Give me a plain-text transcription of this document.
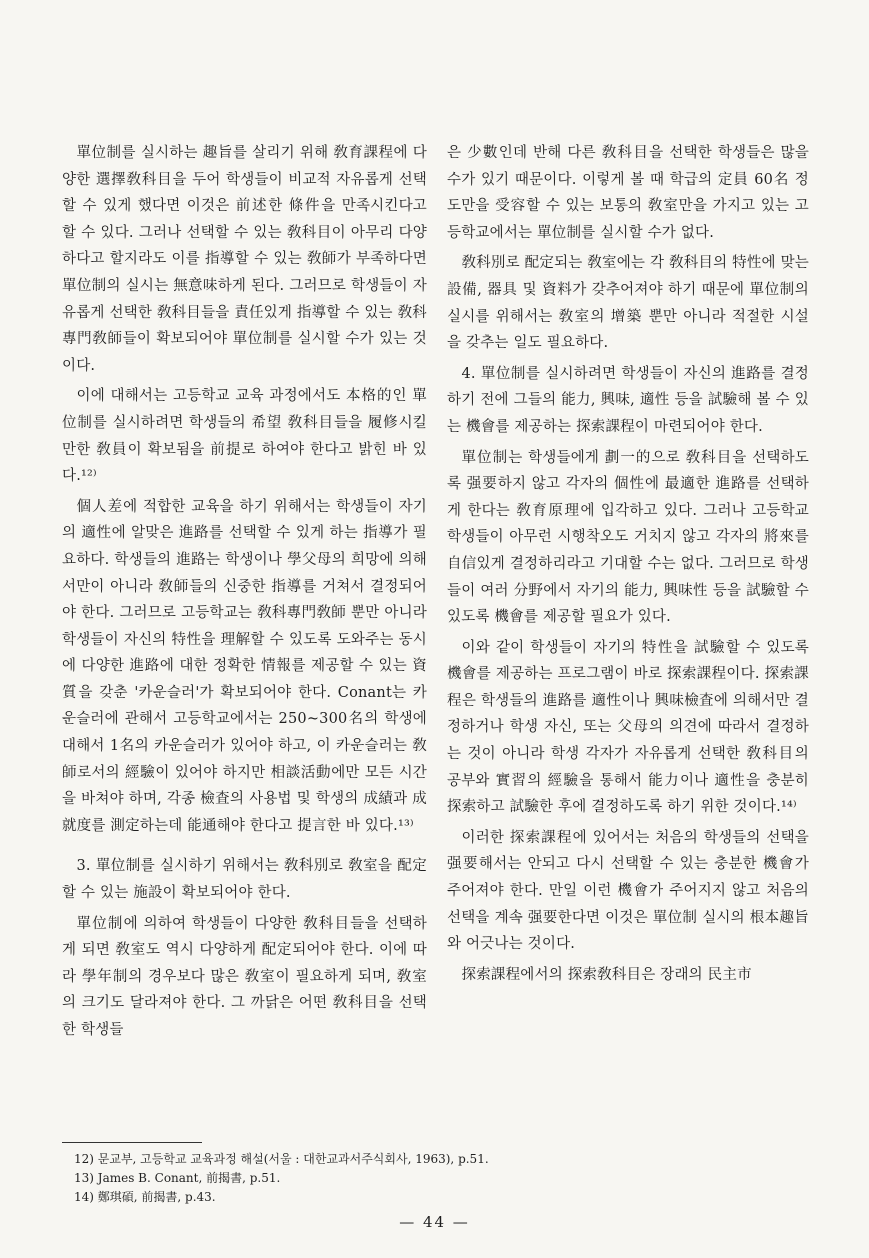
單位制를 실시하는 趣旨를 살리기 위해 敎育課程에 다양한 選擇敎科目을 두어 학생들이 비교적 자유롭게 선택할 수 있게 했다면 이것은 前述한 條件을 만족시킨다고 할 수 있다. 그러나 선택할 수 있는 敎科目이 아무리 다양하다고 할지라도 이를 指導할 수 있는 敎師가 부족하다면 單位制의 실시는 無意味하게 된다. 그러므로 학생들이 자유롭게 선택한 敎科目들을 責任있게 指導할 수 있는 敎科專門敎師들이 확보되어야 單位制를 실시할 수가 있는 것이다.

이에 대해서는 고등학교 교육 과정에서도 本格的인 單位制를 실시하려면 학생들의 希望 敎科目들을 履修시킬만한 敎員이 확보됨을 前提로 하여야 한다고 밝힌 바 있다.¹²⁾

個人差에 적합한 교육을 하기 위해서는 학생들이 자기의 適性에 알맞은 進路를 선택할 수 있게 하는 指導가 필요하다. 학생들의 進路는 학생이나 學父母의 희망에 의해서만이 아니라 敎師들의 신중한 指導를 거쳐서 결정되어야 한다. 그러므로 고등학교는 敎科專門敎師 뿐만 아니라 학생들이 자신의 特性을 理解할 수 있도록 도와주는 동시에 다양한 進路에 대한 정확한 情報를 제공할 수 있는 資質을 갖춘 '카운슬러'가 확보되어야 한다. Conant는 카운슬러에 관해서 고등학교에서는 250~300名의 학생에 대해서 1名의 카운슬러가 있어야 하고, 이 카운슬러는 敎師로서의 經驗이 있어야 하지만 相談活動에만 모든 시간을 바쳐야 하며, 각종 檢査의 사용법 및 학생의 成績과 成就度를 測定하는데 能通해야 한다고 提言한 바 있다.¹³⁾

3. 單位制를 실시하기 위해서는 敎科別로 敎室을 配定할 수 있는 施設이 확보되어야 한다.

單位制에 의하여 학생들이 다양한 敎科目들을 선택하게 되면 敎室도 역시 다양하게 配定되어야 한다. 이에 따라 學年制의 경우보다 많은 敎室이 필요하게 되며, 敎室의 크기도 달라져야 한다. 그 까닭은 어떤 敎科目을 선택한 학생들

은 少數인데 반해 다른 敎科目을 선택한 학생들은 많을 수가 있기 때문이다. 이렇게 볼 때 학급의 定員 60名 정도만을 受容할 수 있는 보통의 敎室만을 가지고 있는 고등학교에서는 單位制를 실시할 수가 없다.

敎科別로 配定되는 敎室에는 각 敎科目의 特性에 맞는 設備, 器具 및 資料가 갖추어져야 하기 때문에 單位制의 실시를 위해서는 敎室의 增築 뿐만 아니라 적절한 시설을 갖추는 일도 필요하다.

4. 單位制를 실시하려면 학생들이 자신의 進路를 결정하기 전에 그들의 能力, 興味, 適性 등을 試驗해 볼 수 있는 機會를 제공하는 探索課程이 마련되어야 한다.

單位制는 학생들에게 劃一的으로 敎科目을 선택하도록 强要하지 않고 각자의 個性에 最適한 進路를 선택하게 한다는 敎育原理에 입각하고 있다. 그러나 고등학교 학생들이 아무런 시행착오도 거치지 않고 각자의 將來를 自信있게 결정하리라고 기대할 수는 없다. 그러므로 학생들이 여러 分野에서 자기의 能力, 興味性 등을 試驗할 수 있도록 機會를 제공할 필요가 있다.

이와 같이 학생들이 자기의 特性을 試驗할 수 있도록 機會를 제공하는 프로그램이 바로 探索課程이다. 探索課程은 학생들의 進路를 適性이나 興味檢査에 의해서만 결정하거나 학생 자신, 또는 父母의 의견에 따라서 결정하는 것이 아니라 학생 각자가 자유롭게 선택한 敎科目의 공부와 實習의 經驗을 통해서 能力이나 適性을 충분히 探索하고 試驗한 후에 결정하도록 하기 위한 것이다.¹⁴⁾

이러한 探索課程에 있어서는 처음의 학생들의 선택을 强要해서는 안되고 다시 선택할 수 있는 충분한 機會가 주어져야 한다. 만일 이런 機會가 주어지지 않고 처음의 선택을 계속 强要한다면 이것은 單位制 실시의 根本趣旨와 어긋나는 것이다.

探索課程에서의 探索敎科目은 장래의 民主市

12) 문교부, 고등학교 교육과정 해설(서울 : 대한교과서주식회사, 1963), p.51.
13) James B. Conant, 前揭書, p.51.
14) 鄭琪碩, 前揭書, p.43.
— 44 —
